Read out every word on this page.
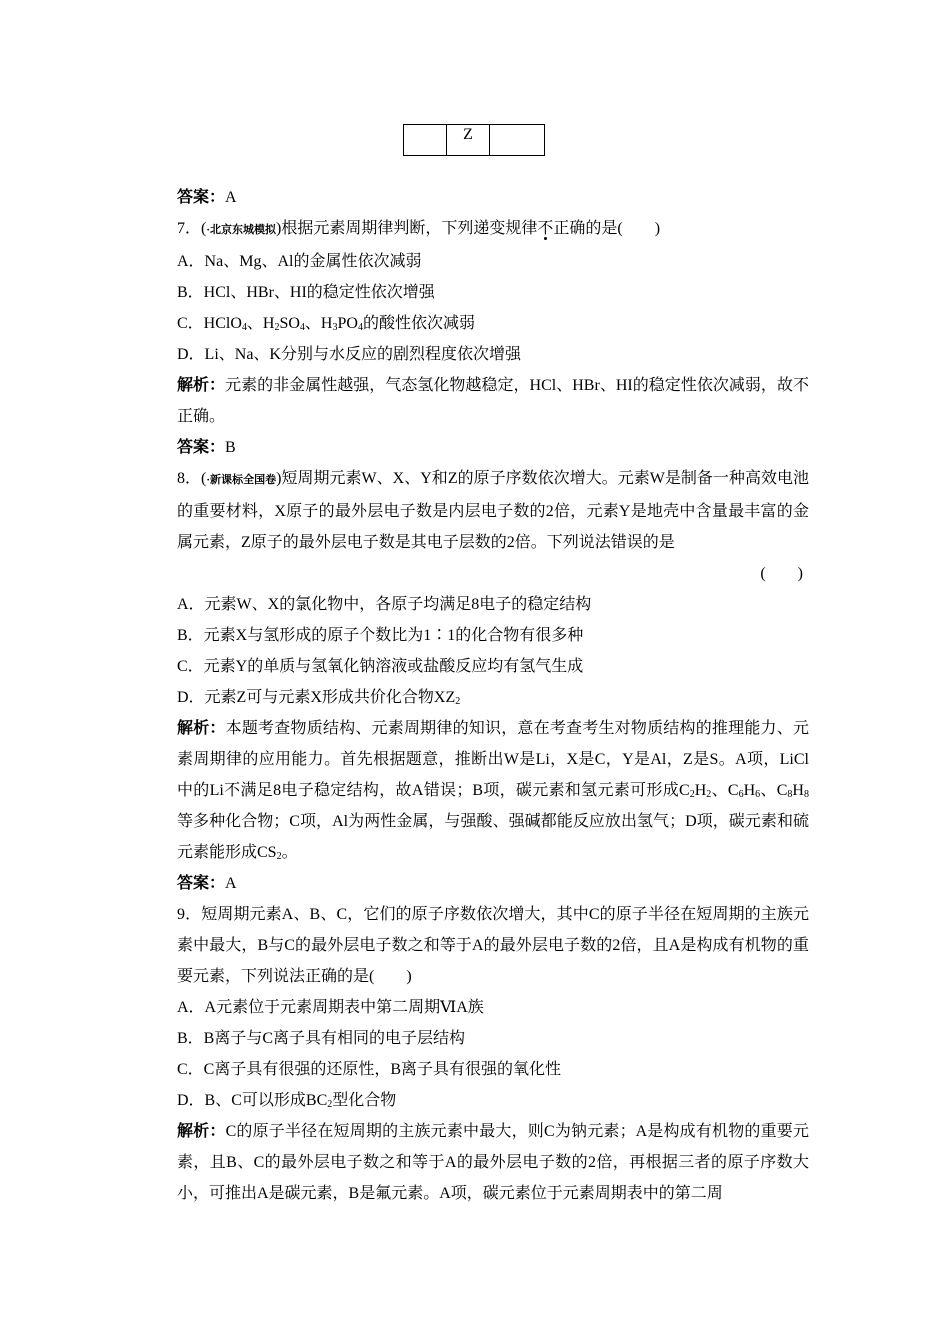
	Z	

答案：A

7．(·北京东城模拟)根据元素周期律判断，下列递变规律不正确的是(　　)

A．Na、Mg、Al的金属性依次减弱

B．HCl、HBr、HI的稳定性依次增强

C．HClO$_4$、$H_2SO_4$、$H_3PO_4$的酸性依次减弱

D．Li、Na、K分别与水反应的剧烈程度依次增强

解析：元素的非金属性越强，气态氢化物越稳定，HCl、HBr、HI的稳定性依次减弱，故不正确。

答案：B

8．(·新课标全国卷)短周期元素W、X、Y和Z的原子序数依次增大。元素W是制备一种高效电池的重要材料，X原子的最外层电子数是内层电子数的2倍，元素Y是地壳中含量最丰富的金属元素，Z原子的最外层电子数是其电子层数的2倍。下列说法错误的是

(　　)

A．元素W、X的氯化物中，各原子均满足8电子的稳定结构

B．元素X与氢形成的原子个数比为1∶1的化合物有很多种

C．元素Y的单质与氢氧化钠溶液或盐酸反应均有氢气生成

D．元素Z可与元素X形成共价化合物$XZ_2$

解析：本题考查物质结构、元素周期律的知识，意在考查考生对物质结构的推理能力、元素周期律的应用能力。首先根据题意，推断出W是Li，X是C，Y是Al，Z是S。A项，LiCl中的Li不满足8电子稳定结构，故A错误；B项，碳元素和氢元素可形成$C_2H_2$、$C_6H_6$、$C_8H_8$等多种化合物；C项，Al为两性金属，与强酸、强碱都能反应放出氢气；D项，碳元素和硫元素能形成$CS_2$。

答案：A

9．短周期元素A、B、C，它们的原子序数依次增大，其中C的原子半径在短周期的主族元素中最大，B与C的最外层电子数之和等于A的最外层电子数的2倍，且A是构成有机物的重要元素，下列说法正确的是(　　)

A．A元素位于元素周期表中第二周期ⅥA族

B．B离子与C离子具有相同的电子层结构

C．C离子具有很强的还原性，B离子具有很强的氧化性

D．B、C可以形成$BC_2$型化合物

解析：C的原子半径在短周期的主族元素中最大，则C为钠元素；A是构成有机物的重要元素，且B、C的最外层电子数之和等于A的最外层电子数的2倍，再根据三者的原子序数大小，可推出A是碳元素，B是氟元素。A项，碳元素位于元素周期表中的第二周
